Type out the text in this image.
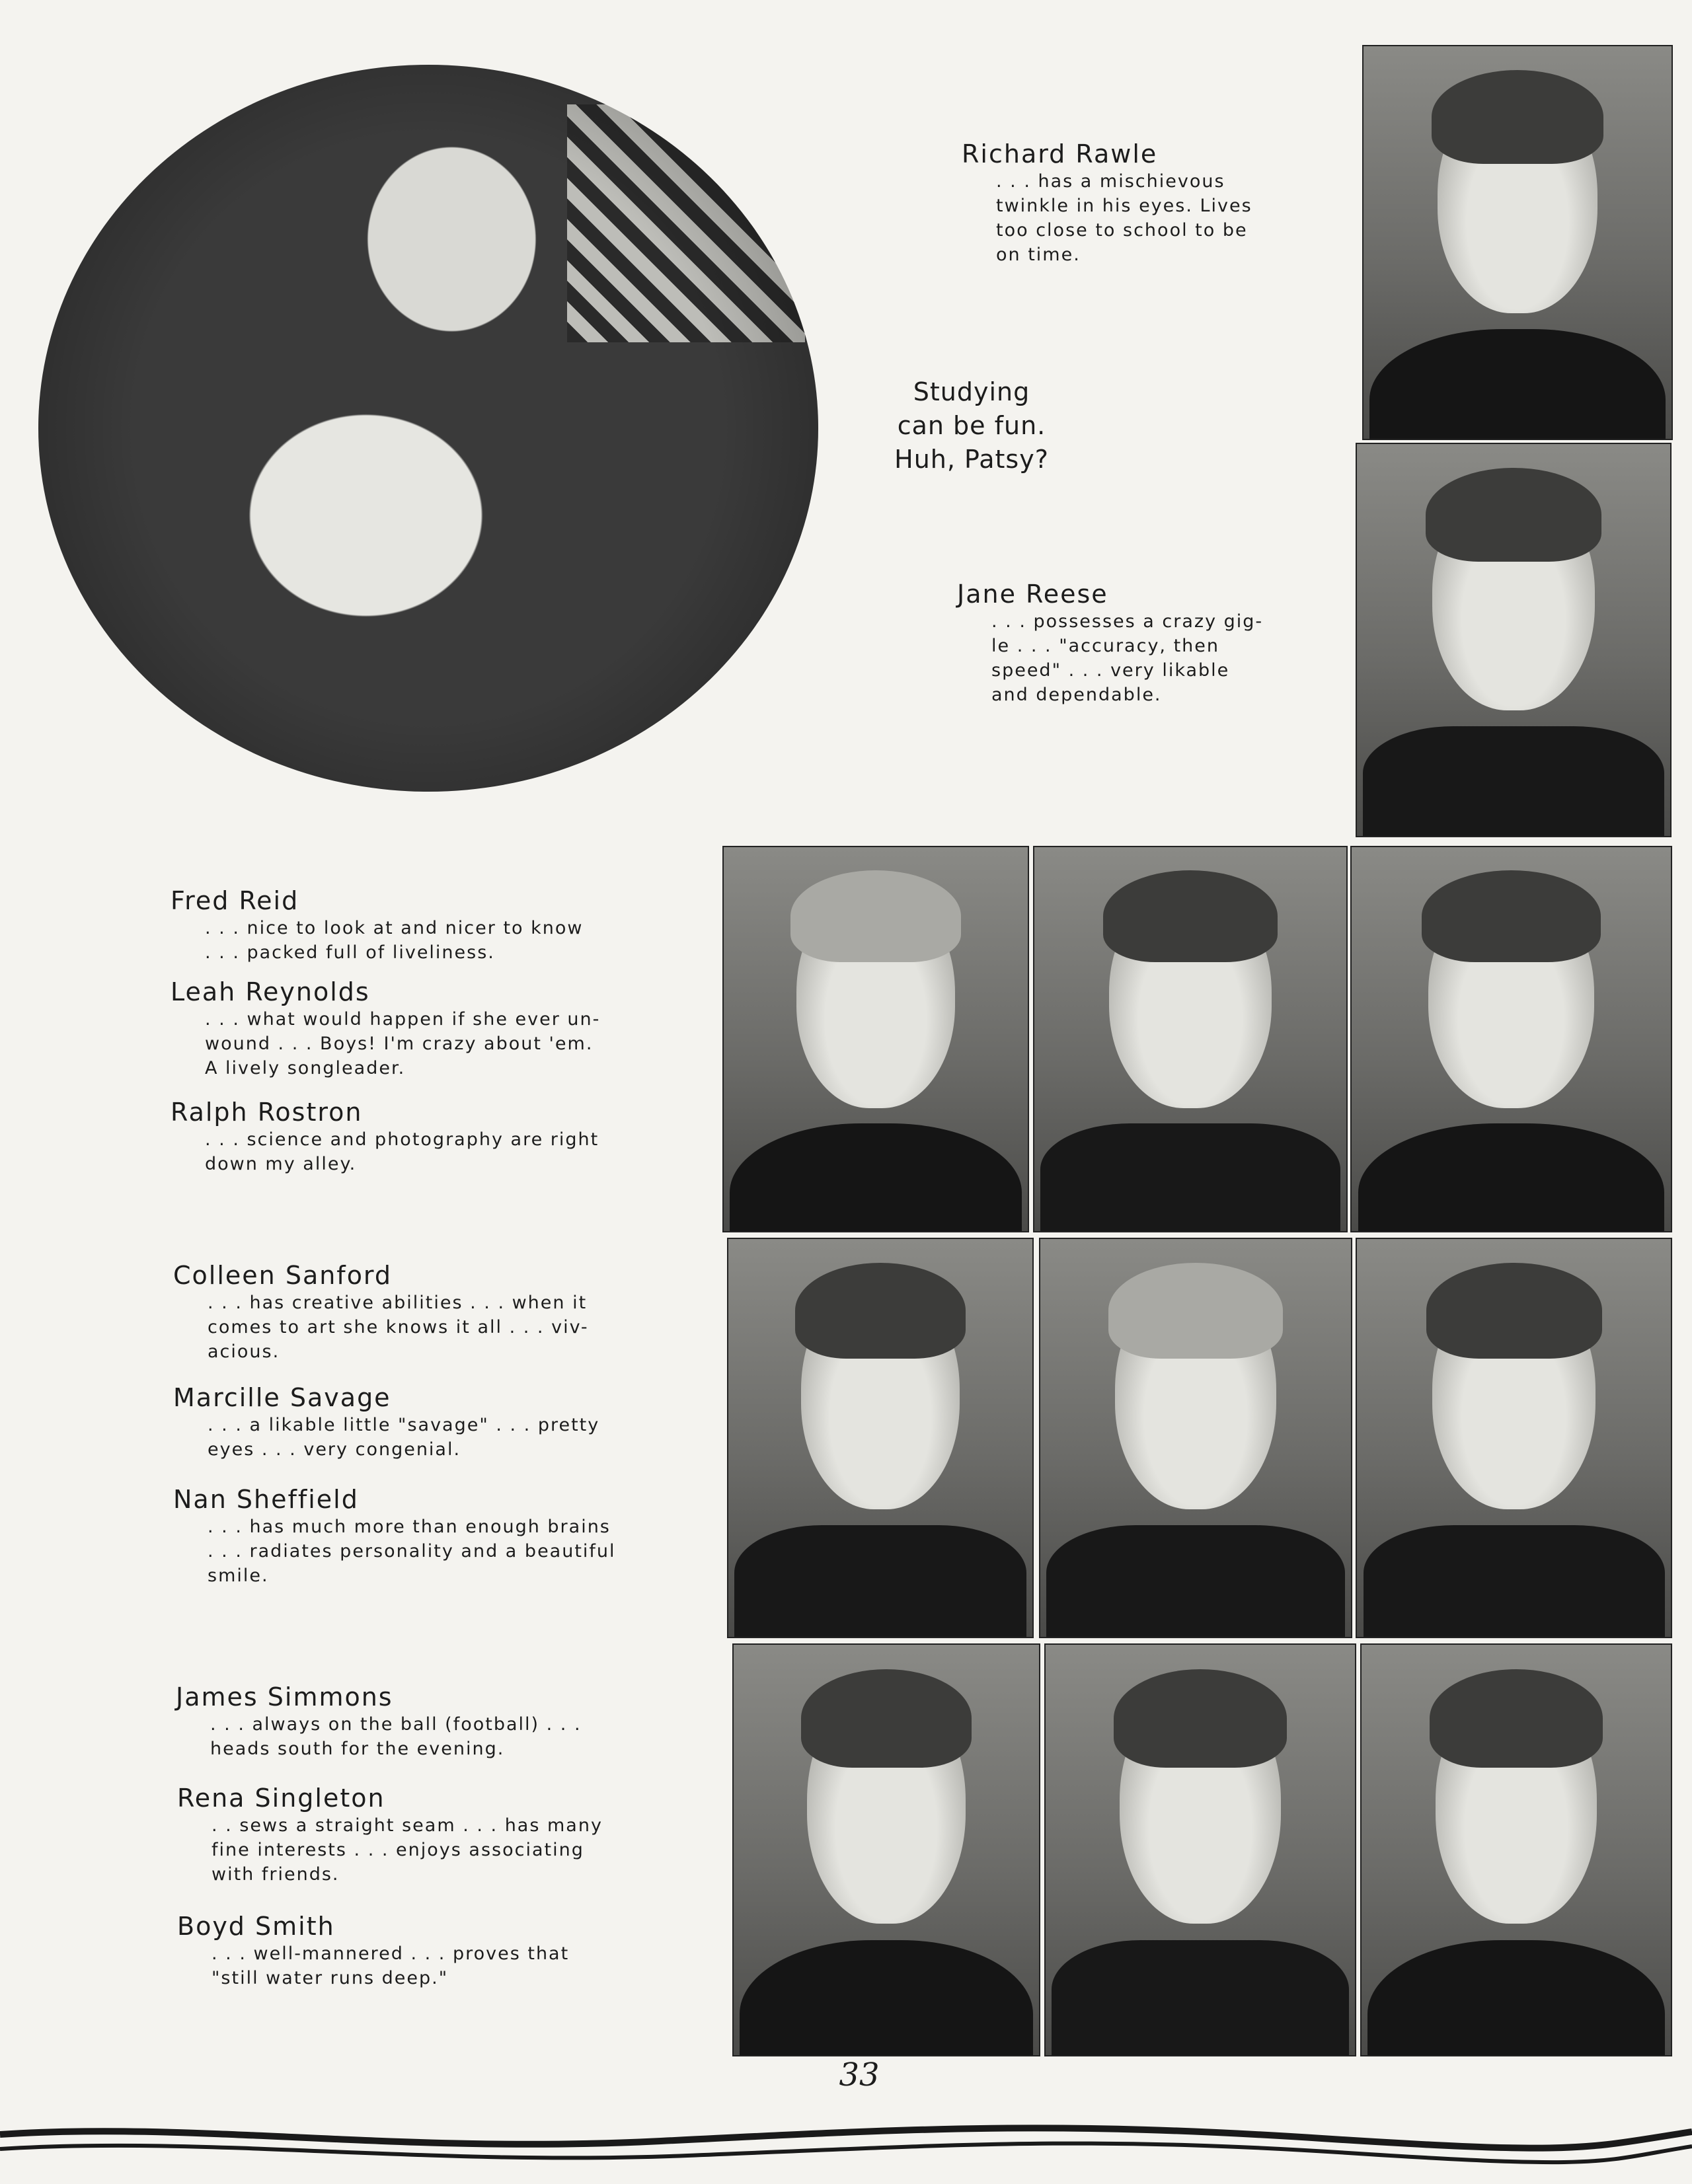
Studying
can be fun.
Huh, Patsy?
Richard Rawle
. . . has a mischievous
twinkle in his eyes. Lives
too close to school to be
on time.
Jane Reese
. . . possesses a crazy gig-
le . . . "accuracy, then
speed" . . . very likable
and dependable.
Fred Reid
. . . nice to look at and nicer to know
. . . packed full of liveliness.
Leah Reynolds
. . . what would happen if she ever un-
wound . . . Boys! I'm crazy about 'em.
A lively songleader.
Ralph Rostron
. . . science and photography are right
down my alley.
Colleen Sanford
. . . has creative abilities . . . when it
comes to art she knows it all . . . viv-
acious.
Marcille Savage
. . . a likable little "savage" . . . pretty
eyes . . . very congenial.
Nan Sheffield
. . . has much more than enough brains
. . . radiates personality and a beautiful
smile.
James Simmons
. . . always on the ball (football) . . .
heads south for the evening.
Rena Singleton
. . sews a straight seam . . . has many
fine interests . . . enjoys associating
with friends.
Boyd Smith
. . . well-mannered . . . proves that
"still water runs deep."
33
